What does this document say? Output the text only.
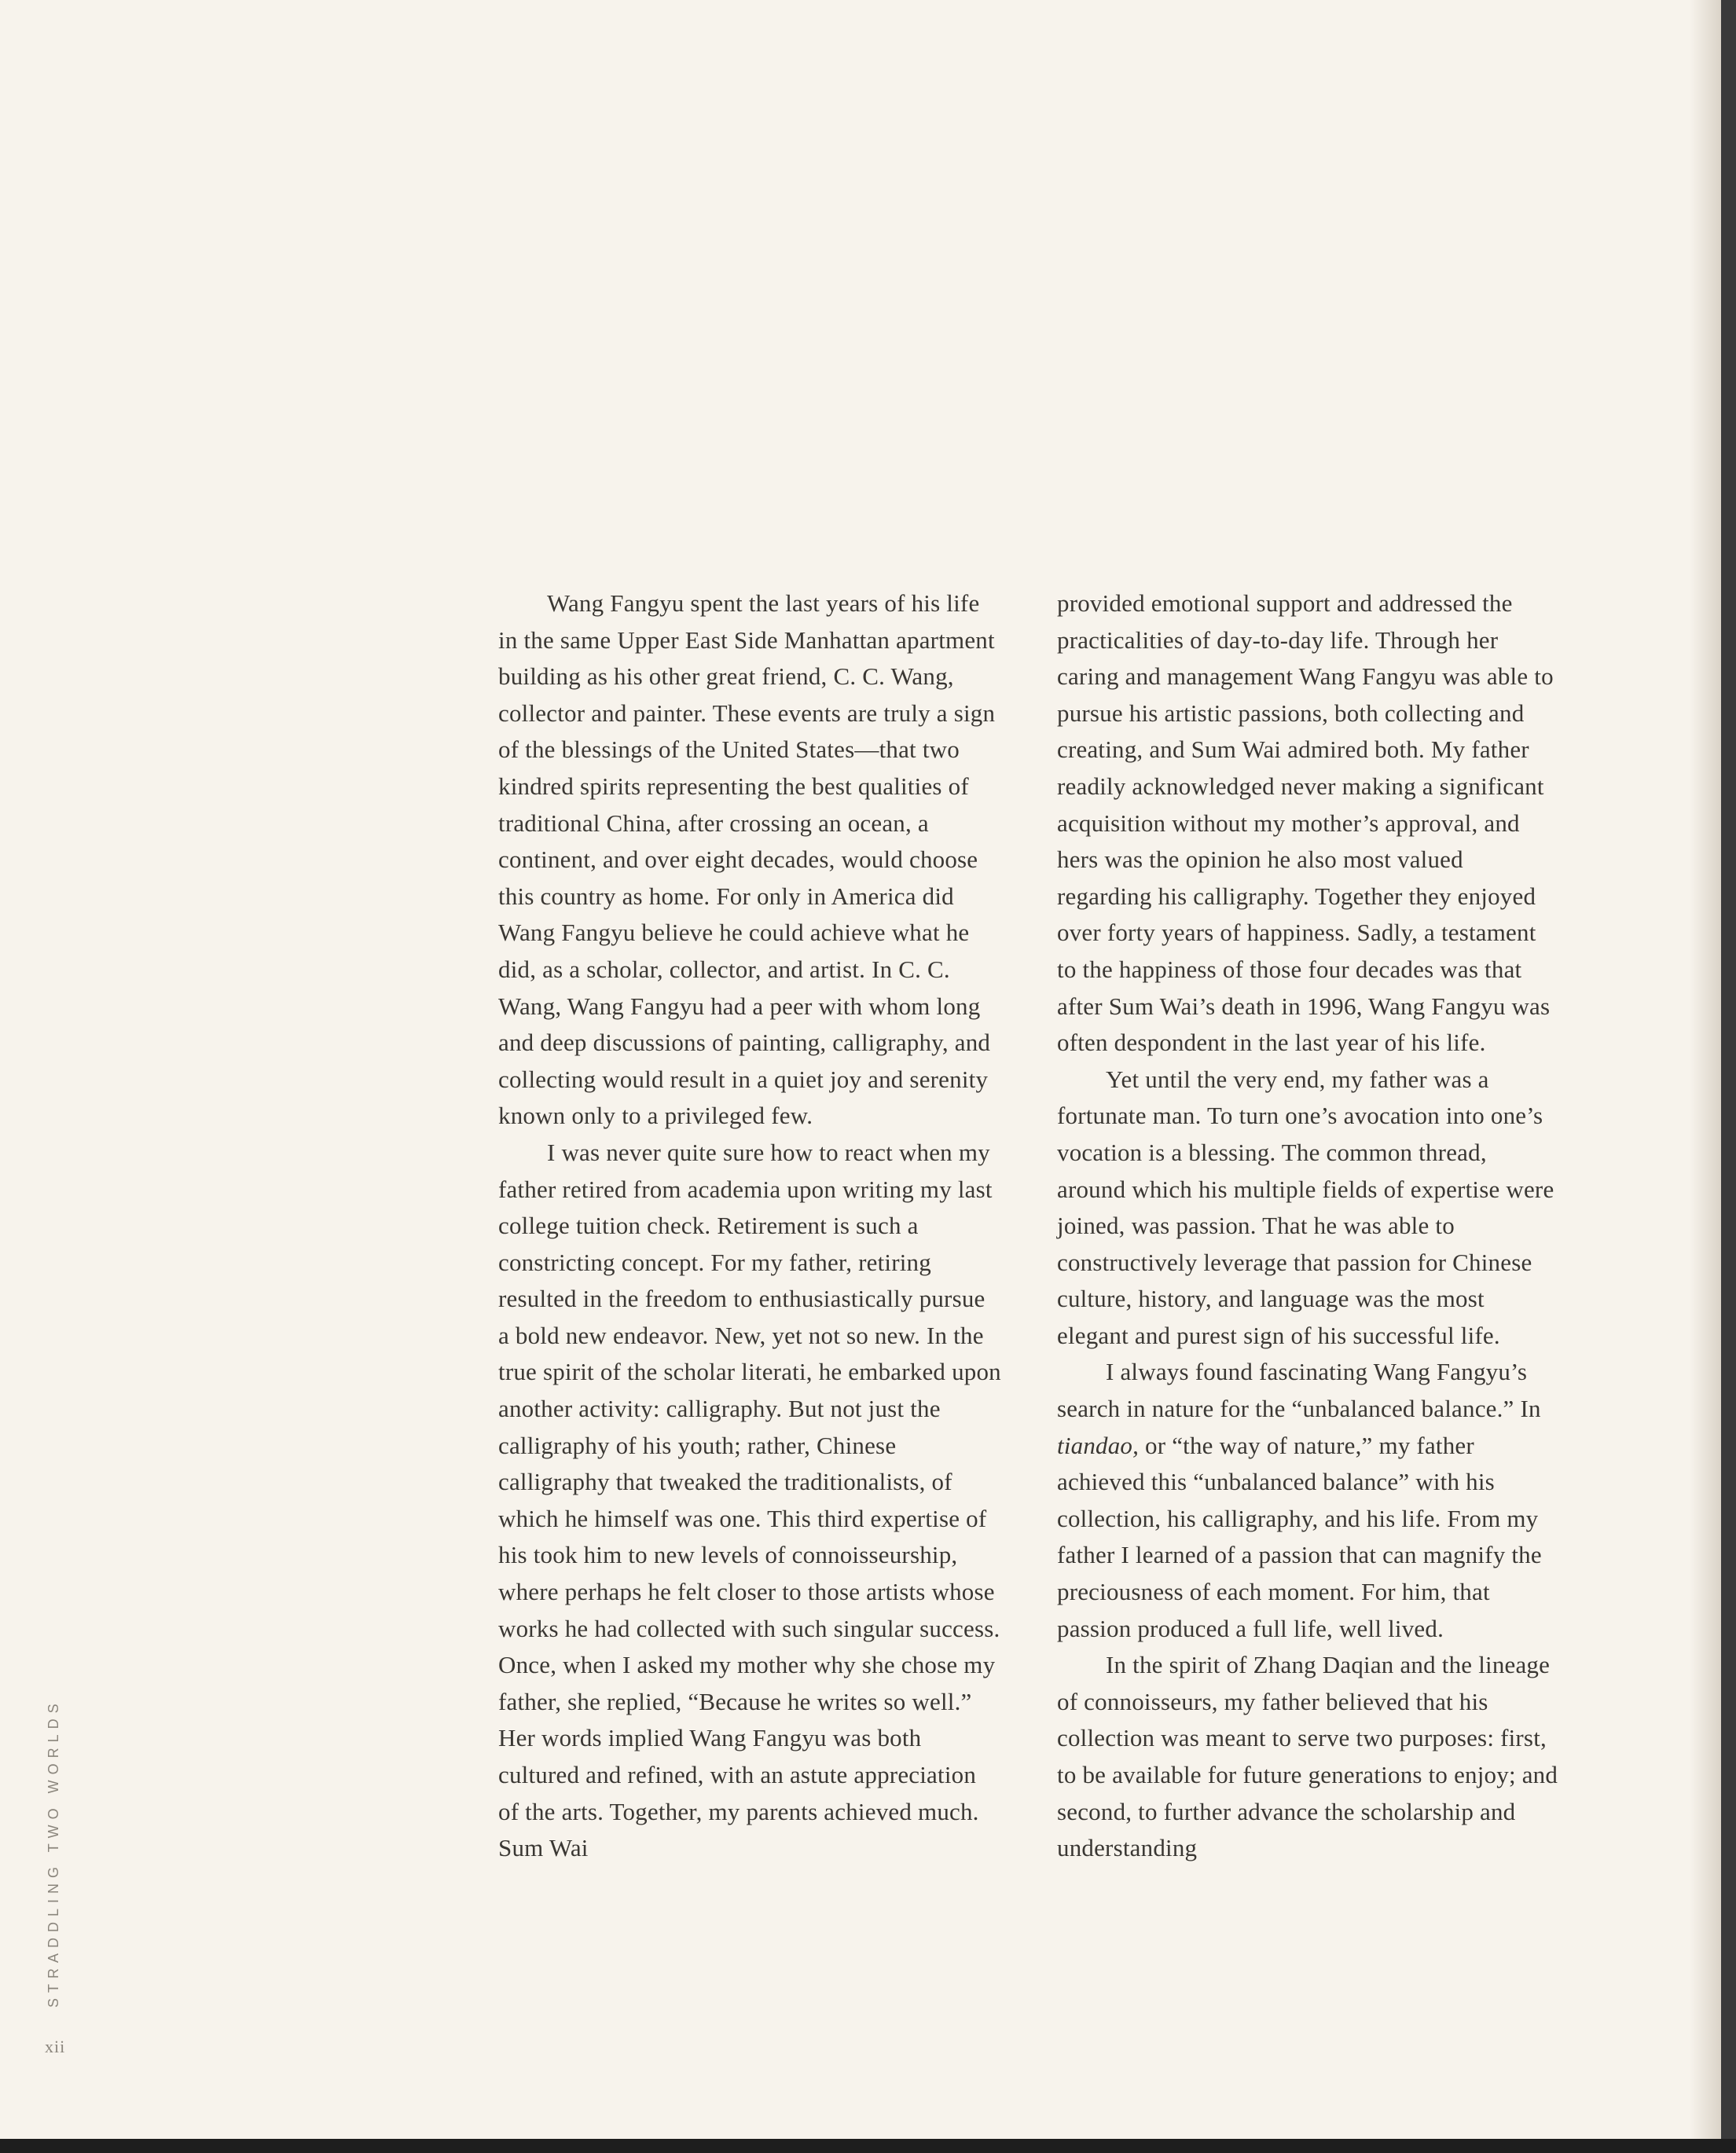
Wang Fangyu spent the last years of his life in the same Upper East Side Manhattan apartment building as his other great friend, C. C. Wang, collector and painter. These events are truly a sign of the blessings of the United States—that two kindred spirits representing the best qualities of traditional China, after crossing an ocean, a continent, and over eight decades, would choose this country as home. For only in America did Wang Fangyu believe he could achieve what he did, as a scholar, collector, and artist. In C. C. Wang, Wang Fangyu had a peer with whom long and deep discussions of painting, calligraphy, and collecting would result in a quiet joy and serenity known only to a privileged few.

I was never quite sure how to react when my father retired from academia upon writing my last college tuition check. Retirement is such a constricting concept. For my father, retiring resulted in the freedom to enthusiastically pursue a bold new endeavor. New, yet not so new. In the true spirit of the scholar literati, he embarked upon another activity: calligraphy. But not just the calligraphy of his youth; rather, Chinese calligraphy that tweaked the traditionalists, of which he himself was one. This third expertise of his took him to new levels of connoisseurship, where perhaps he felt closer to those artists whose works he had collected with such singular success. Once, when I asked my mother why she chose my father, she replied, “Because he writes so well.” Her words implied Wang Fangyu was both cultured and refined, with an astute appreciation of the arts. Together, my parents achieved much. Sum Wai

provided emotional support and addressed the practicalities of day-to-day life. Through her caring and management Wang Fangyu was able to pursue his artistic passions, both collecting and creating, and Sum Wai admired both. My father readily acknowledged never making a significant acquisition without my mother’s approval, and hers was the opinion he also most valued regarding his calligraphy. Together they enjoyed over forty years of happiness. Sadly, a testament to the happiness of those four decades was that after Sum Wai’s death in 1996, Wang Fangyu was often despondent in the last year of his life.

Yet until the very end, my father was a fortunate man. To turn one’s avocation into one’s vocation is a blessing. The common thread, around which his multiple fields of expertise were joined, was passion. That he was able to constructively leverage that passion for Chinese culture, history, and language was the most elegant and purest sign of his successful life.

I always found fascinating Wang Fangyu’s search in nature for the “unbalanced balance.” In tiandao, or “the way of nature,” my father achieved this “unbalanced balance” with his collection, his calligraphy, and his life. From my father I learned of a passion that can magnify the preciousness of each moment. For him, that passion produced a full life, well lived.

In the spirit of Zhang Daqian and the lineage of connoisseurs, my father believed that his collection was meant to serve two purposes: first, to be available for future generations to enjoy; and second, to further advance the scholarship and understanding

STRADDLING TWO WORLDS
xii
